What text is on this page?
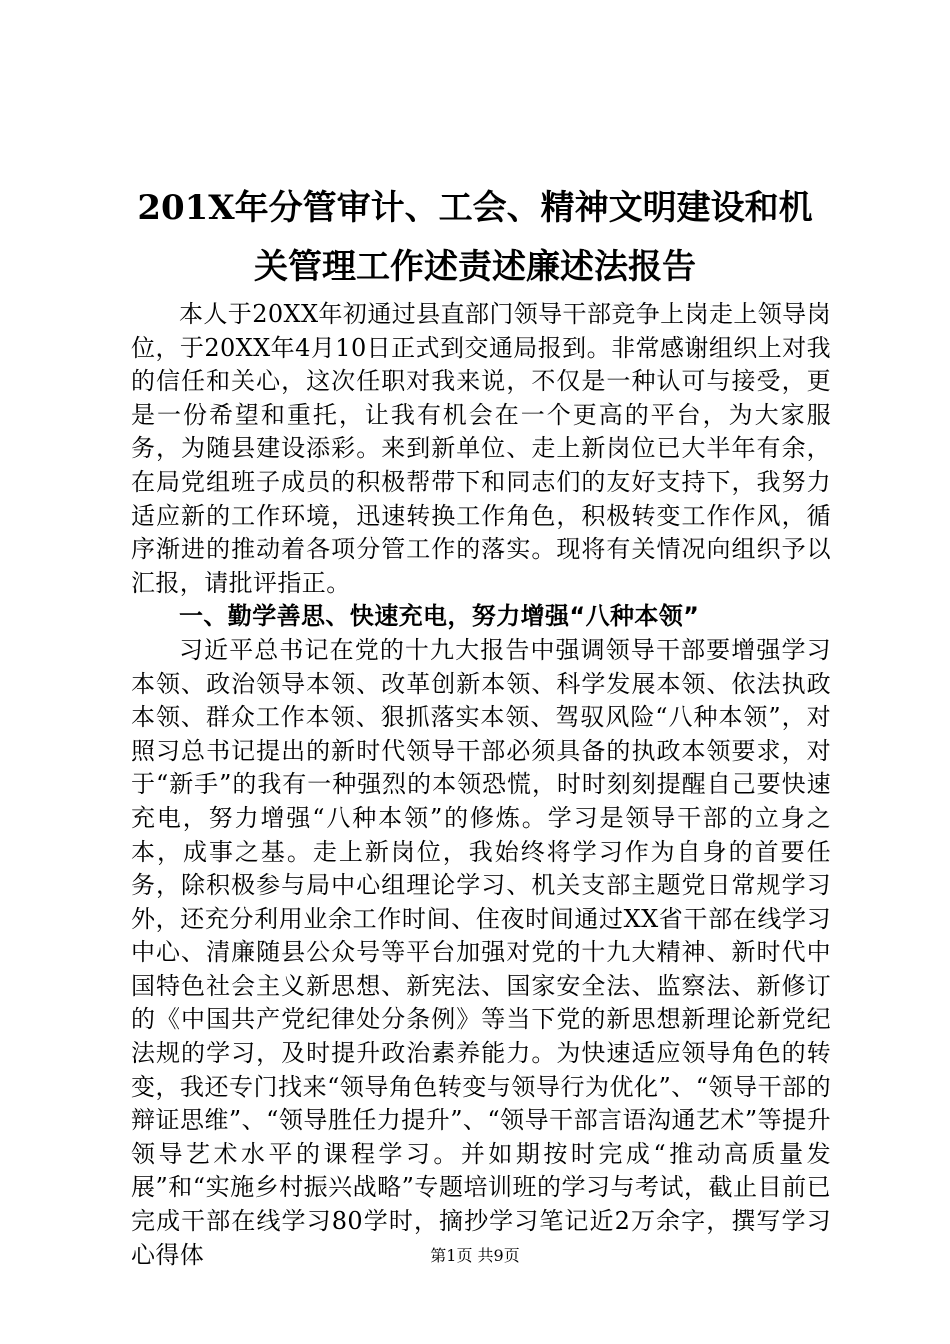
201X年分管审计、工会、精神文明建设和机
关管理工作述责述廉述法报告

本人于20XX年初通过县直部门领导干部竞争上岗走上领导岗位，于20XX年4月10日正式到交通局报到。非常感谢组织上对我的信任和关心，这次任职对我来说，不仅是一种认可与接受，更是一份希望和重托，让我有机会在一个更高的平台，为大家服务，为随县建设添彩。来到新单位、走上新岗位已大半年有余，在局党组班子成员的积极帮带下和同志们的友好支持下，我努力适应新的工作环境，迅速转换工作角色，积极转变工作作风，循序渐进的推动着各项分管工作的落实。现将有关情况向组织予以汇报，请批评指正。

一、勤学善思、快速充电，努力增强“八种本领”

习近平总书记在党的十九大报告中强调领导干部要增强学习本领、政治领导本领、改革创新本领、科学发展本领、依法执政本领、群众工作本领、狠抓落实本领、驾驭风险“八种本领”，对照习总书记提出的新时代领导干部必须具备的执政本领要求，对于“新手”的我有一种强烈的本领恐慌，时时刻刻提醒自己要快速充电，努力增强“八种本领”的修炼。学习是领导干部的立身之本，成事之基。走上新岗位，我始终将学习作为自身的首要任务，除积极参与局中心组理论学习、机关支部主题党日常规学习外，还充分利用业余工作时间、住夜时间通过XX省干部在线学习中心、清廉随县公众号等平台加强对党的十九大精神、新时代中国特色社会主义新思想、新宪法、国家安全法、监察法、新修订的《中国共产党纪律处分条例》等当下党的新思想新理论新党纪法规的学习，及时提升政治素养能力。为快速适应领导角色的转变，我还专门找来“领导角色转变与领导行为优化”、“领导干部的辩证思维”、“领导胜任力提升”、“领导干部言语沟通艺术”等提升领导艺术水平的课程学习。并如期按时完成“推动高质量发展”和“实施乡村振兴战略”专题培训班的学习与考试，截止目前已完成干部在线学习80学时，摘抄学习笔记近2万余字，撰写学习心得体	第1页 共9页
